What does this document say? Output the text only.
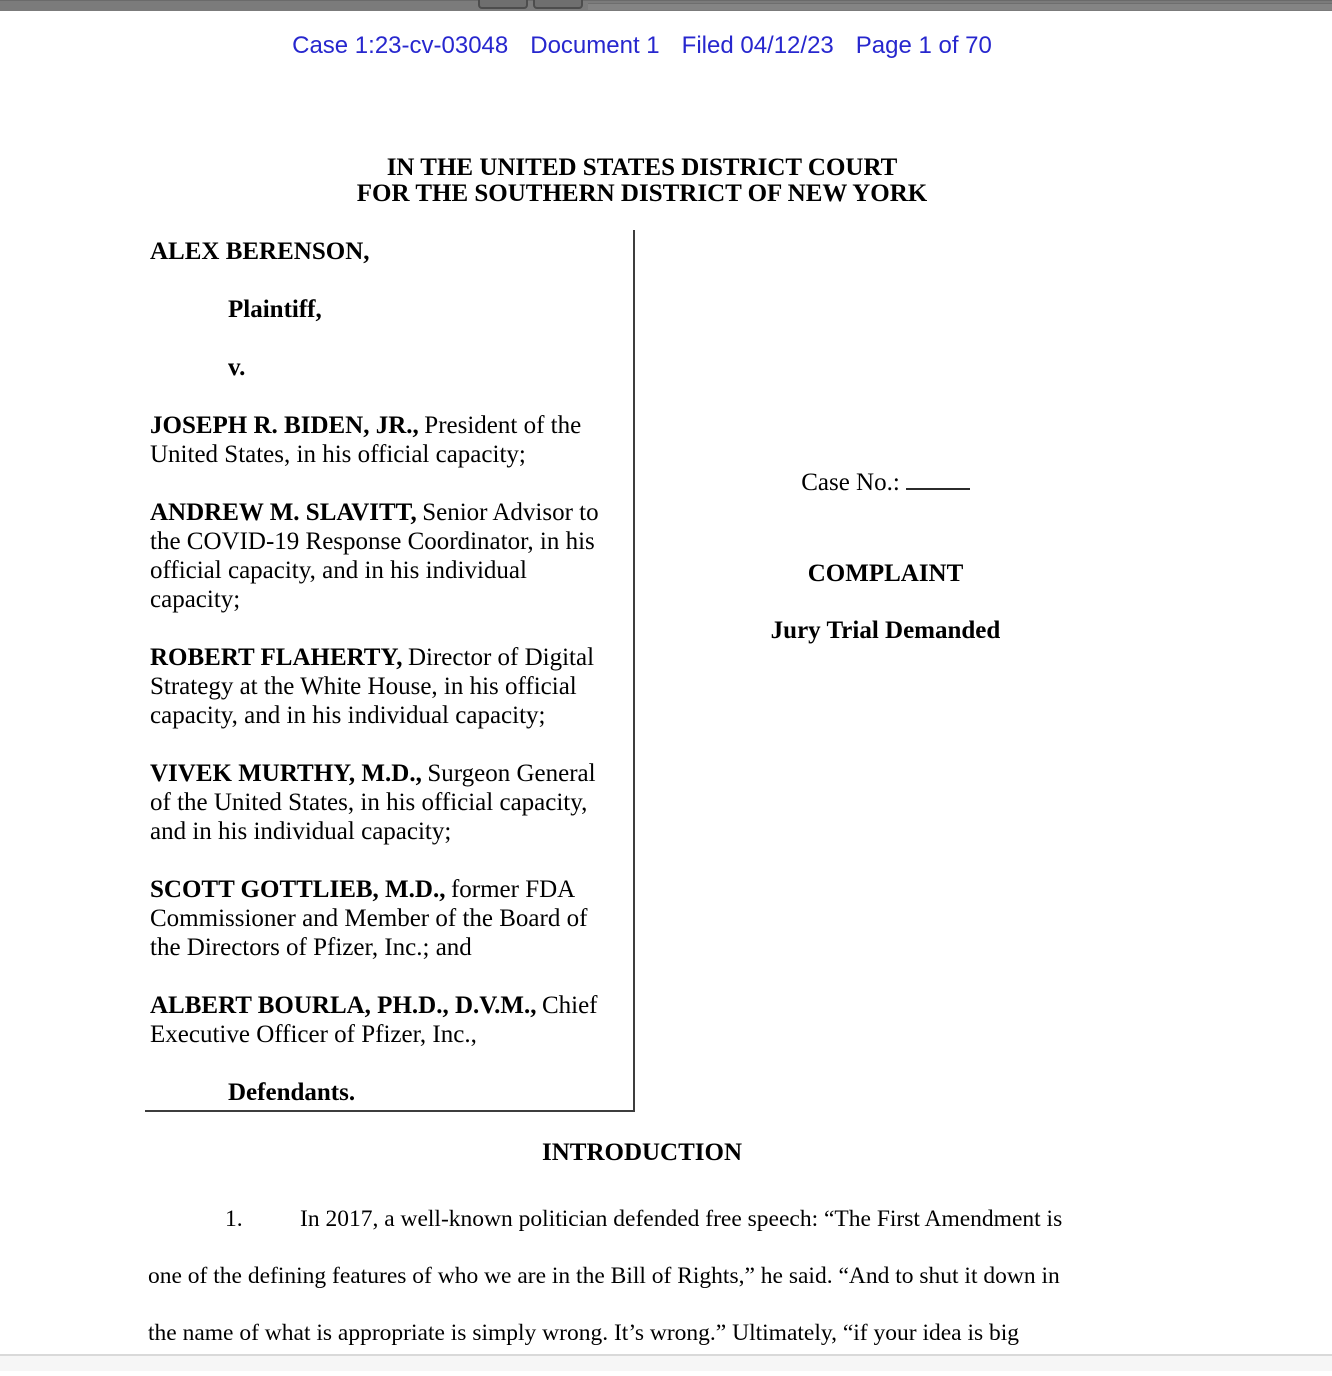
Case 1:23-cv-03048 Document 1 Filed 04/12/23 Page 1 of 70
IN THE UNITED STATES DISTRICT COURT
FOR THE SOUTHERN DISTRICT OF NEW YORK

ALEX BERENSON,

Plaintiff,

v.

JOSEPH R. BIDEN, JR., President of the United States, in his official capacity;

ANDREW M. SLAVITT, Senior Advisor to the COVID-19 Response Coordinator, in his official capacity, and in his individual capacity;

ROBERT FLAHERTY, Director of Digital Strategy at the White House, in his official capacity, and in his individual capacity;

VIVEK MURTHY, M.D., Surgeon General of the United States, in his official capacity, and in his individual capacity;

SCOTT GOTTLIEB, M.D., former FDA Commissioner and Member of the Board of the Directors of Pfizer, Inc.; and

ALBERT BOURLA, PH.D., D.V.M., Chief Executive Officer of Pfizer, Inc.,

Defendants.

Case No.:
COMPLAINT
Jury Trial Demanded
INTRODUCTION
1. In 2017, a well-known politician defended free speech: “The First Amendment is
one of the defining features of who we are in the Bill of Rights,” he said. “And to shut it down in
the name of what is appropriate is simply wrong. It’s wrong.” Ultimately, “if your idea is big
